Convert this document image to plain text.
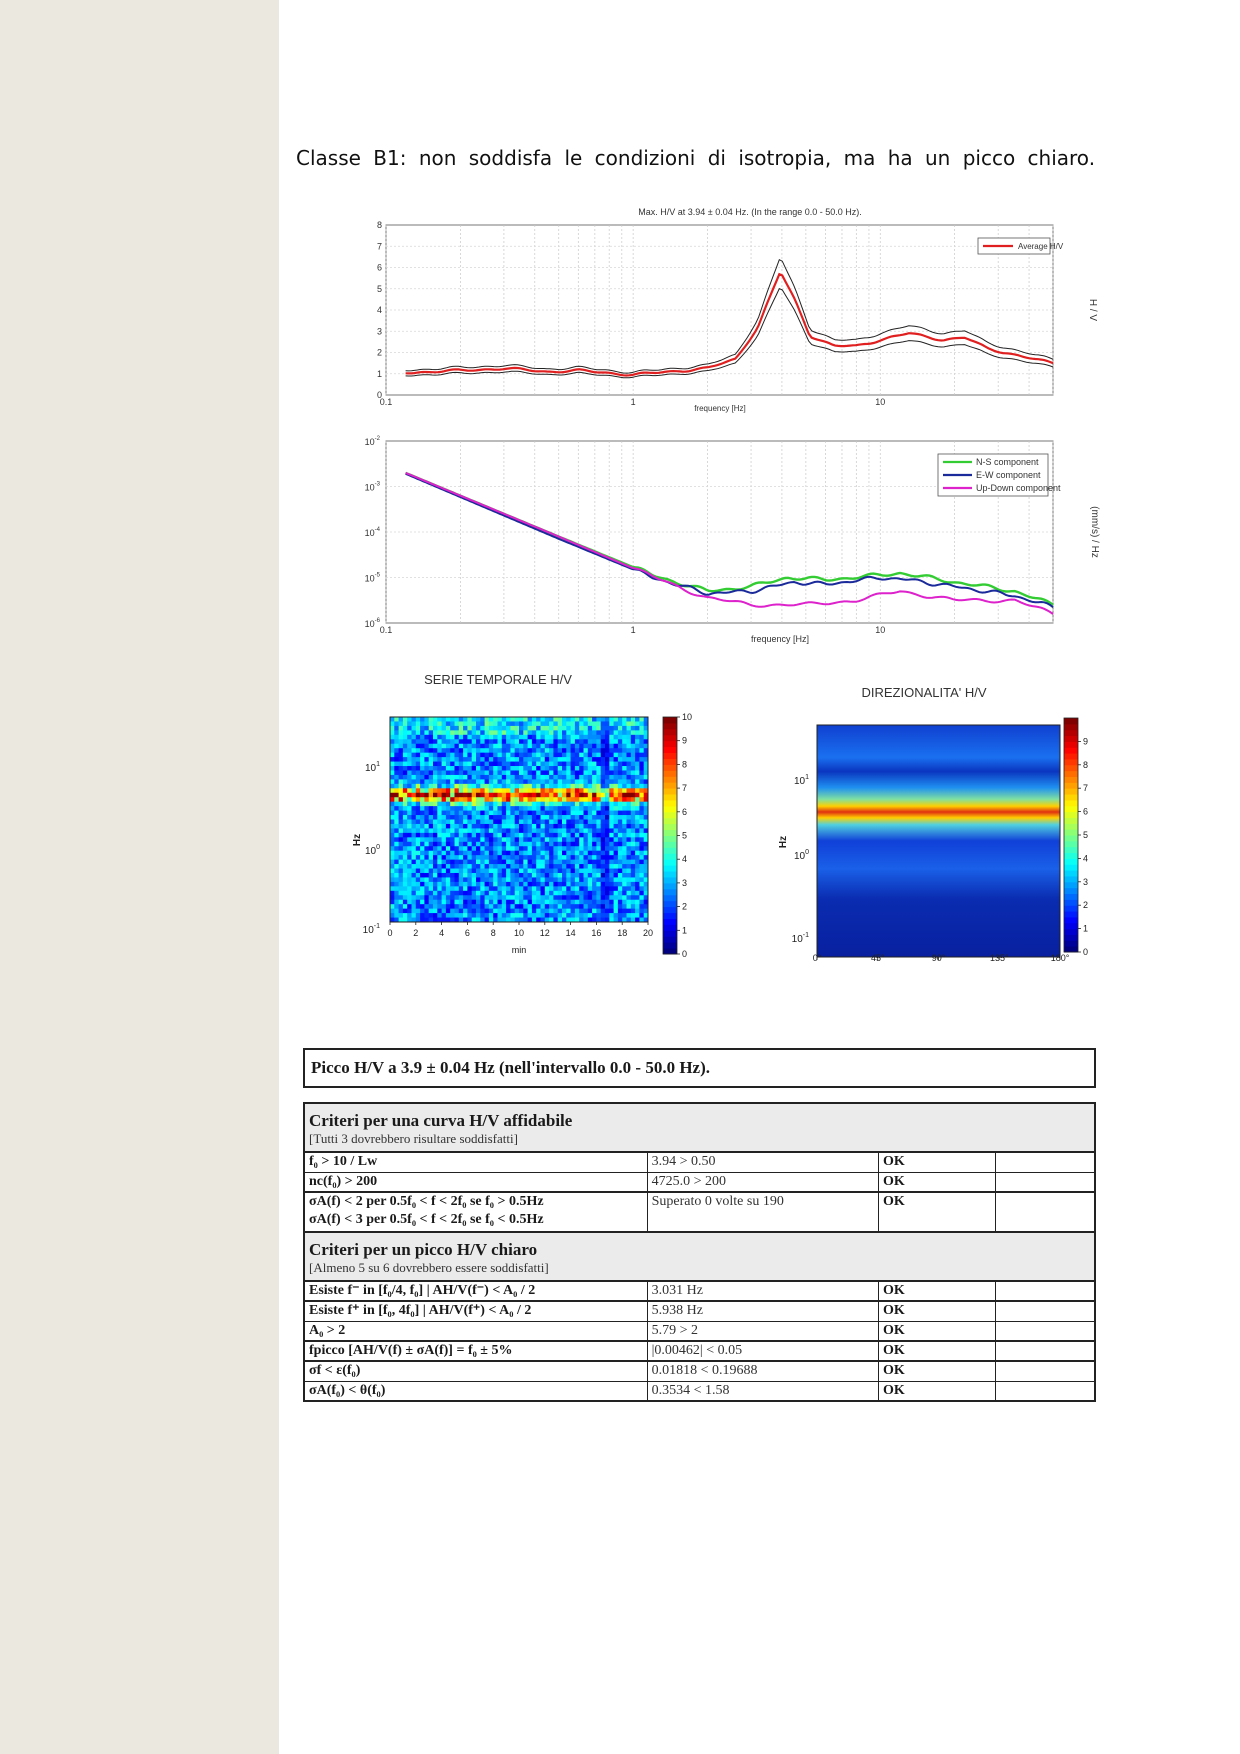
Classe B1: non soddisfa le condizioni di isotropia, ma ha un picco chiaro.
Max. H/V at 3.94 ± 0.04 Hz. (In the range 0.0 - 50.0 Hz).
0
1
2
3
4
5
6
7
8
0.1	1	10
Average H/V
H / V
frequency [Hz]
$10^{-2}$
$10^{-3}$
$10^{-4}$
$10^{-5}$
$10^{-6}$
0.1	1	10
N-S component
E-W component
Up-Down component
(mm/s) / Hz
frequency [Hz]
SERIE TEMPORALE H/V
$10^1$
$10^0$
$10^{-1}$
Hz
0 2 4 6 8 10 12 14 16 18 20
min	0
1
2
3
4
5
6
7
8
9
10
DIREZIONALITA' H/V
$10^1$
$10^0$
$10^{-1}$
Hz
0°	45°	90°	135°	180°
0
1
2
3
4
5
6
7
8
9
Picco H/V a 3.9 ± 0.04 Hz (nell'intervallo 0.0 - 50.0 Hz).
Criteri per una curva H/V affidabile
[Tutti 3 dovrebbero risultare soddisfatti]			

f₀ > 10 / Lw	3.94 > 0.50	OK	
nc(f₀) > 200	4725.0 > 200	OK	

σA(f) < 2 per 0.5f₀ < f < 2f₀ se f₀ > 0.5Hz
σA(f) < 3 per 0.5f₀ < f < 2f₀ se f₀ < 0.5Hz	Superato 0 volte su 190	OK	

Criteri per un picco H/V chiaro
[Almeno 5 su 6 dovrebbero essere soddisfatti]			

Esiste f⁻ in [f₀/4, f₀] | AH/V(f⁻) < A₀ / 2	3.031 Hz	OK	
Esiste f⁺ in [f₀, 4f₀] | AH/V(f⁺) < A₀ / 2	5.938 Hz	OK	
A₀ > 2	5.79 > 2	OK	
fpicco [AH/V(f) ± σA(f)] = f₀ ± 5%	|0.00462| < 0.05	OK	
σf < ε(f₀)	0.01818 < 0.19688	OK	
σA(f₀) < θ(f₀)	0.3534 < 1.58	OK	
